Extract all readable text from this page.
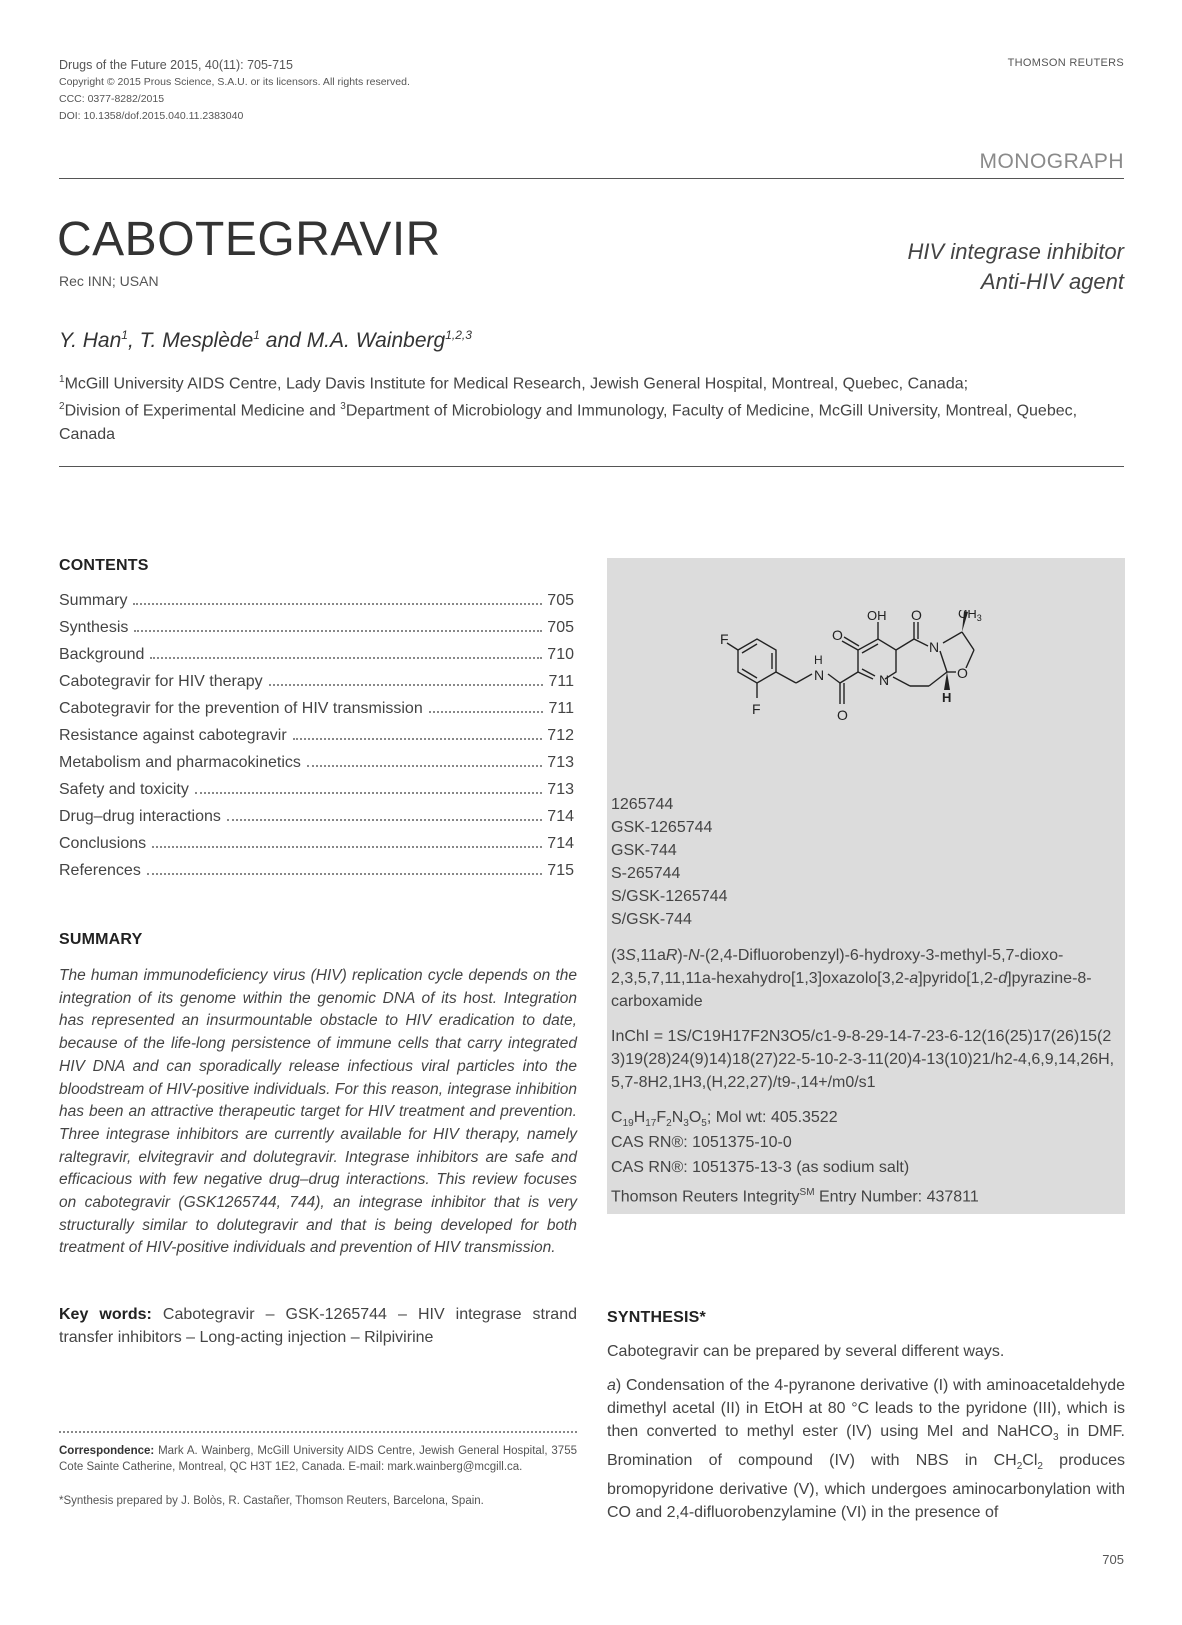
Drugs of the Future 2015, 40(11): 705-715
Copyright © 2015 Prous Science, S.A.U. or its licensors. All rights reserved.
CCC: 0377-8282/2015
DOI: 10.1358/dof.2015.040.11.2383040
THOMSON REUTERS
MONOGRAPH
CABOTEGRAVIR
Rec INN; USAN
HIV integrase inhibitor
Anti-HIV agent
Y. Han$^1$, T. Mesplède$^1$ and M.A. Wainberg$^{1,2,3}$
$^1$McGill University AIDS Centre, Lady Davis Institute for Medical Research, Jewish General Hospital, Montreal, Quebec, Canada;
$^2$Division of Experimental Medicine and $^3$Department of Microbiology and Immunology, Faculty of Medicine, McGill University, Montreal, Quebec, Canada
CONTENTS
Summary	705
Synthesis	705
Background	710
Cabotegravir for HIV therapy	711
Cabotegravir for the prevention of HIV transmission	711
Resistance against cabotegravir	712
Metabolism and pharmacokinetics	713
Safety and toxicity	713
Drug–drug interactions	714
Conclusions	714
References	715
SUMMARY

The human immunodeficiency virus (HIV) replication cycle depends on the integration of its genome within the genomic DNA of its host. Integration has represented an insurmountable obstacle to HIV eradication to date, because of the life-long persistence of immune cells that carry integrated HIV DNA and can sporadically release infectious viral particles into the bloodstream of HIV-positive individuals. For this reason, integrase inhibition has been an attractive therapeutic target for HIV treatment and prevention. Three integrase inhibitors are currently available for HIV therapy, namely raltegravir, elvitegravir and dolutegravir. Integrase inhibitors are safe and efficacious with few negative drug–drug interactions. This review focuses on cabotegravir (GSK1265744, 744), an integrase inhibitor that is very structurally similar to dolutegravir and that is being developed for both treatment of HIV-positive individuals and prevention of HIV transmission.

Key words: Cabotegravir – GSK-1265744 – HIV integrase strand transfer inhibitors – Long-acting injection – Rilpivirine

Correspondence: Mark A. Wainberg, McGill University AIDS Centre, Jewish General Hospital, 3755 Cote Sainte Catherine, Montreal, QC H3T 1E2, Canada. E-mail: mark.wainberg@mcgill.ca.

*Synthesis prepared by J. Bolòs, R. Castañer, Thomson Reuters, Barcelona, Spain.

F
F
H
N
O
O
OH O
N
N
$CH_3$
O
H
1265744
GSK-1265744
GSK-744
S-265744
S/GSK-1265744
S/GSK-744
(3S,11aR)-N-(2,4-Difluorobenzyl)-6-hydroxy-3-methyl-5,7-dioxo-2,3,5,7,11,11a-hexahydro[1,3]oxazolo[3,2-a]pyrido[1,2-d]pyrazine-8-carboxamide
InChI = 1S/C19H17F2N3O5/c1-9-8-29-14-7-23-6-12(16(25)17(26)15(23)19(28)24(9)14)18(27)22-5-10-2-3-11(20)4-13(10)21/h2-4,6,9,14,26H,5,7-8H2,1H3,(H,22,27)/t9-,14+/m0/s1
$C_{19}H_{17}F_2N_3O_5$; Mol wt: 405.3522
CAS RN®: 1051375-10-0
CAS RN®: 1051375-13-3 (as sodium salt)
Thomson Reuters Integrity℠ Entry Number: 437811
SYNTHESIS*

Cabotegravir can be prepared by several different ways.

a) Condensation of the 4-pyranone derivative (I) with aminoacetaldehyde dimethyl acetal (II) in EtOH at 80 °C leads to the pyridone (III), which is then converted to methyl ester (IV) using MeI and NaHCO$_3$ in DMF. Bromination of compound (IV) with NBS in $CH_2Cl_2$ produces bromopyridone derivative (V), which undergoes aminocarbonylation with CO and 2,4-difluorobenzylamine (VI) in the presence of

705
